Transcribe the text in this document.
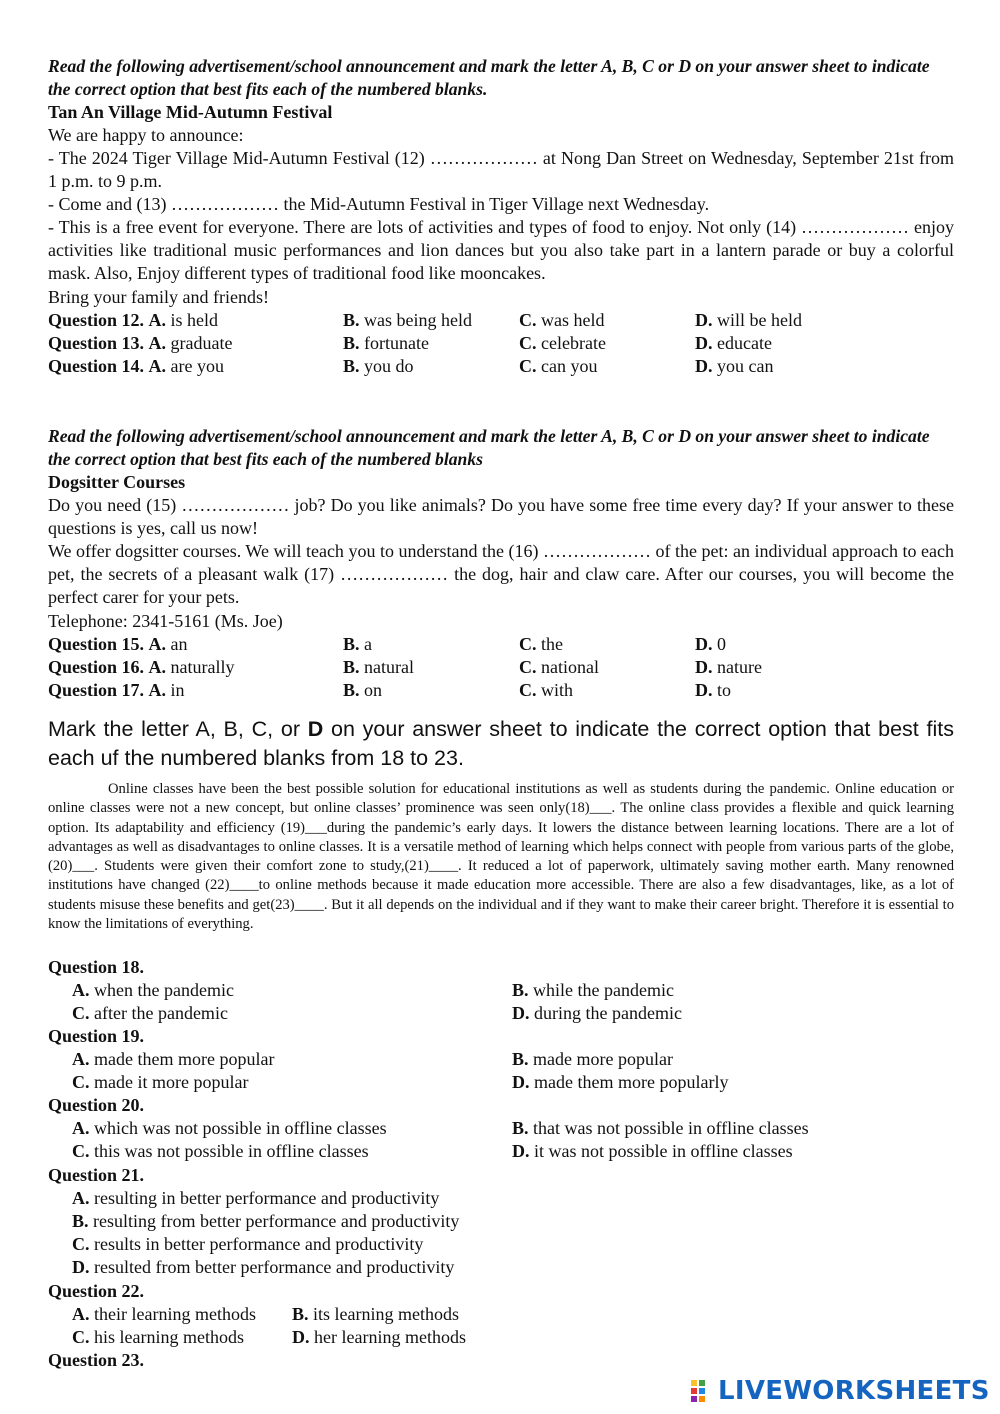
Read the following advertisement/school announcement and mark the letter A, B, C or D on your answer sheet to indicate the correct option that best fits each of the numbered blanks.
Tan An Village Mid-Autumn Festival
We are happy to announce:
- The 2024 Tiger Village Mid-Autumn Festival (12) ……………… at Nong Dan Street on Wednesday, September 21st from 1 p.m. to 9 p.m.
- Come and (13) ……………… the Mid-Autumn Festival in Tiger Village next Wednesday.
- This is a free event for everyone. There are lots of activities and types of food to enjoy. Not only (14) ……………… enjoy activities like traditional music performances and lion dances but you also take part in a lantern parade or buy a colorful mask. Also, Enjoy different types of traditional food like mooncakes.
Bring your family and friends!
Question 12. A. is held	B. was being held	C. was held	D. will be held
Question 13. A. graduate	B. fortunate	C. celebrate	D. educate
Question 14. A. are you	B. you do	C. can you	D. you can
Read the following advertisement/school announcement and mark the letter A, B, C or D on your answer sheet to indicate the correct option that best fits each of the numbered blanks
Dogsitter Courses
Do you need (15) ……………… job? Do you like animals? Do you have some free time every day? If your answer to these questions is yes, call us now!
We offer dogsitter courses. We will teach you to understand the (16) ……………… of the pet: an individual approach to each pet, the secrets of a pleasant walk (17) ……………… the dog, hair and claw care. After our courses, you will become the perfect carer for your pets.
Telephone: 2341-5161 (Ms. Joe)
Question 15. A. an	B. a	C. the	D. 0
Question 16. A. naturally	B. natural	C. national	D. nature
Question 17. A. in	B. on	C. with	D. to
Mark the letter A, B, C, or D on your answer sheet to indicate the correct option that best fits each uf the numbered blanks from 18 to 23.
Online classes have been the best possible solution for educational institutions as well as students during the pandemic. Online education or online classes were not a new concept, but online classes’ prominence was seen only(18)___. The online class provides a flexible and quick learning option. Its adaptability and efficiency (19)___during the pandemic’s early days. It lowers the distance between learning locations. There are a lot of advantages as well as disadvantages to online classes. It is a versatile method of learning which helps connect with people from various parts of the globe,(20)___. Students were given their comfort zone to study,(21)____. It reduced a lot of paperwork, ultimately saving mother earth. Many renowned institutions have changed (22)____to online methods because it made education more accessible. There are also a few disadvantages, like, as a lot of students misuse these benefits and get(23)____. But it all depends on the individual and if they want to make their career bright. Therefore it is essential to know the limitations of everything.
Question 18.
A. when the pandemic	B. while the pandemic
C. after the pandemic	D. during the pandemic
Question 19.
A. made them more popular	B. made more popular
C. made it more popular	D. made them more popularly
Question 20.
A. which was not possible in offline classes	B. that was not possible in offline classes
C. this was not possible in offline classes	D. it was not possible in offline classes
Question 21.
A. resulting in better performance and productivity
B. resulting from better performance and productivity
C. results in better performance and productivity
D. resulted from better performance and productivity
Question 22.
A. their learning methods B. its learning methods
C. his learning methods	D. her learning methods
Question 23.
LIVEWORKSHEETS
